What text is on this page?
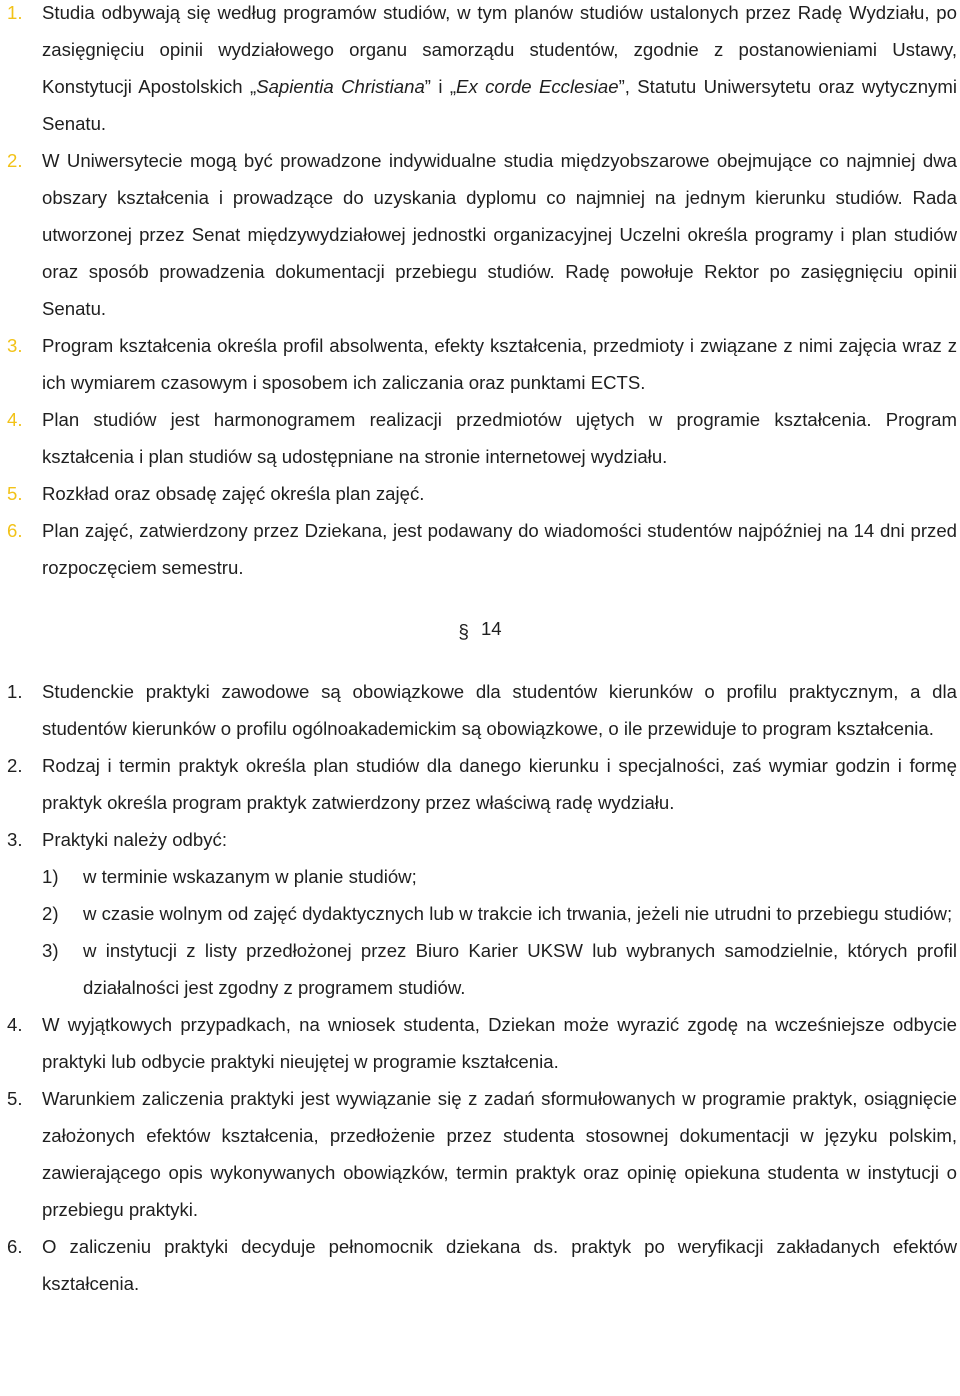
1. Studia odbywają się według programów studiów, w tym planów studiów ustalonych przez Radę Wydziału, po zasięgnięciu opinii wydziałowego organu samorządu studentów, zgodnie z postanowieniami Ustawy, Konstytucji Apostolskich „Sapientia Christiana” i „Ex corde Ecclesiae”, Statutu Uniwersytetu oraz wytycznymi Senatu.
2. W Uniwersytecie mogą być prowadzone indywidualne studia międzyobszarowe obejmujące co najmniej dwa obszary kształcenia i prowadzące do uzyskania dyplomu co najmniej na jednym kierunku studiów. Rada utworzonej przez Senat międzywydziałowej jednostki organizacyjnej Uczelni określa programy i plan studiów oraz sposób prowadzenia dokumentacji przebiegu studiów. Radę powołuje Rektor po zasięgnięciu opinii Senatu.
3. Program kształcenia określa profil absolwenta, efekty kształcenia, przedmioty i związane z nimi zajęcia wraz z ich wymiarem czasowym i sposobem ich zaliczania oraz punktami ECTS.
4. Plan studiów jest harmonogramem realizacji przedmiotów ujętych w programie kształcenia. Program kształcenia i plan studiów są udostępniane na stronie internetowej wydziału.
5. Rozkład oraz obsadę zajęć określa plan zajęć.
6. Plan zajęć, zatwierdzony przez Dziekana, jest podawany do wiadomości studentów najpóźniej na 14 dni przed rozpoczęciem semestru.
§ 14
1. Studenckie praktyki zawodowe są obowiązkowe dla studentów kierunków o profilu praktycznym, a dla studentów kierunków o profilu ogólnoakademickim są obowiązkowe, o ile przewiduje to program kształcenia.
2. Rodzaj i termin praktyk określa plan studiów dla danego kierunku i specjalności, zaś wymiar godzin i formę praktyk określa program praktyk zatwierdzony przez właściwą radę wydziału.
3. Praktyki należy odbyć:
1) w terminie wskazanym w planie studiów;
2) w czasie wolnym od zajęć dydaktycznych lub w trakcie ich trwania, jeżeli nie utrudni to przebiegu studiów;
3) w instytucji z listy przedłożonej przez Biuro Karier UKSW lub wybranych samodzielnie, których profil działalności jest zgodny z programem studiów.
4. W wyjątkowych przypadkach, na wniosek studenta, Dziekan może wyrazić zgodę na wcześniejsze odbycie praktyki lub odbycie praktyki nieujętej w programie kształcenia.
5. Warunkiem zaliczenia praktyki jest wywiązanie się z zadań sformułowanych w programie praktyk, osiągnięcie założonych efektów kształcenia, przedłożenie przez studenta stosownej dokumentacji w języku polskim, zawierającego opis wykonywanych obowiązków, termin praktyk oraz opinię opiekuna studenta w instytucji o przebiegu praktyki.
6. O zaliczeniu praktyki decyduje pełnomocnik dziekana ds. praktyk po weryfikacji zakładanych efektów kształcenia.
